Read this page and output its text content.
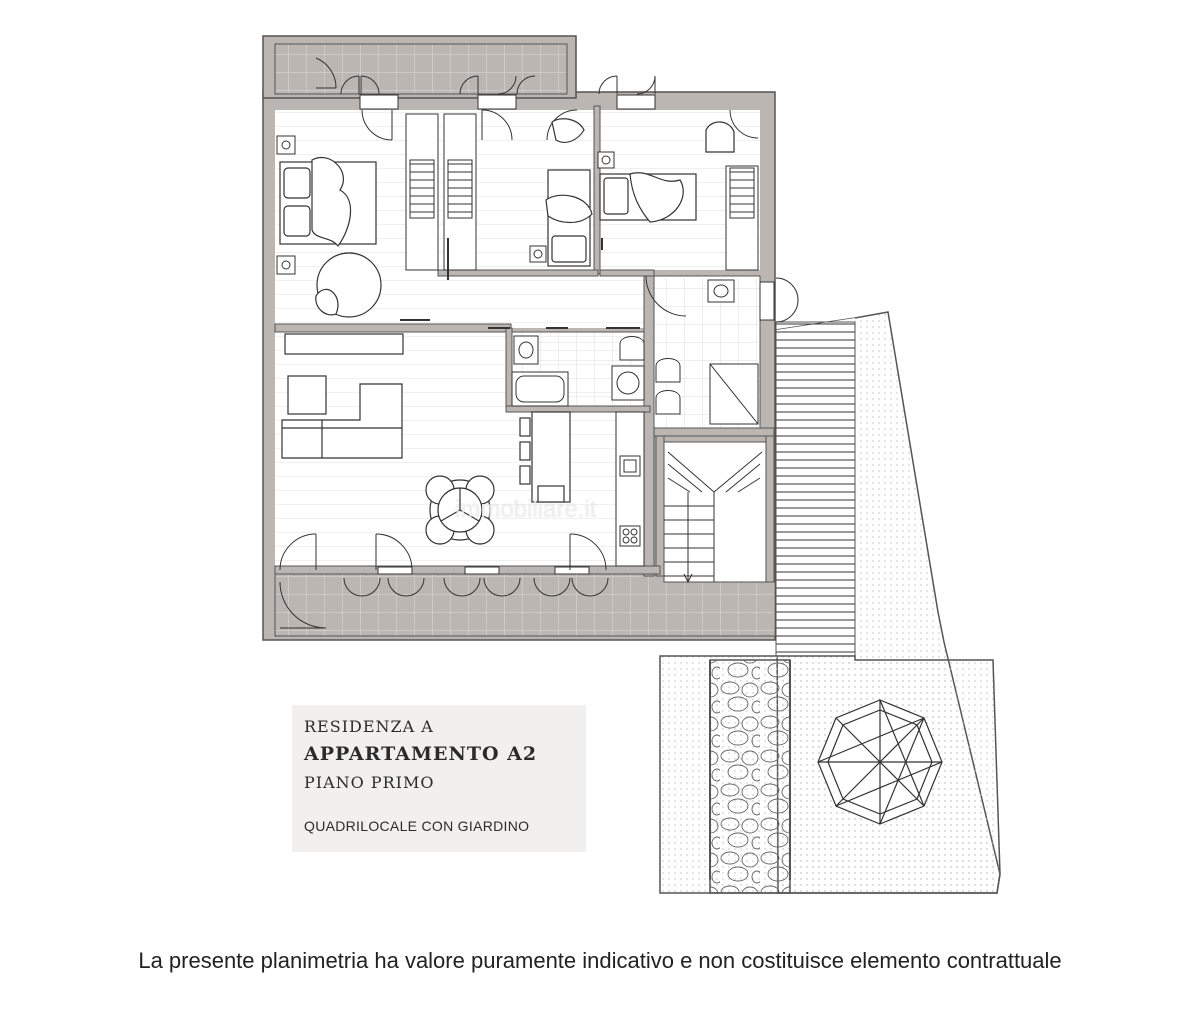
immobiliare.it
RESIDENZA A
APPARTAMENTO A2
PIANO PRIMO
QUADRILOCALE CON GIARDINO
La presente planimetria ha valore puramente indicativo e non costituisce elemento contrattuale
